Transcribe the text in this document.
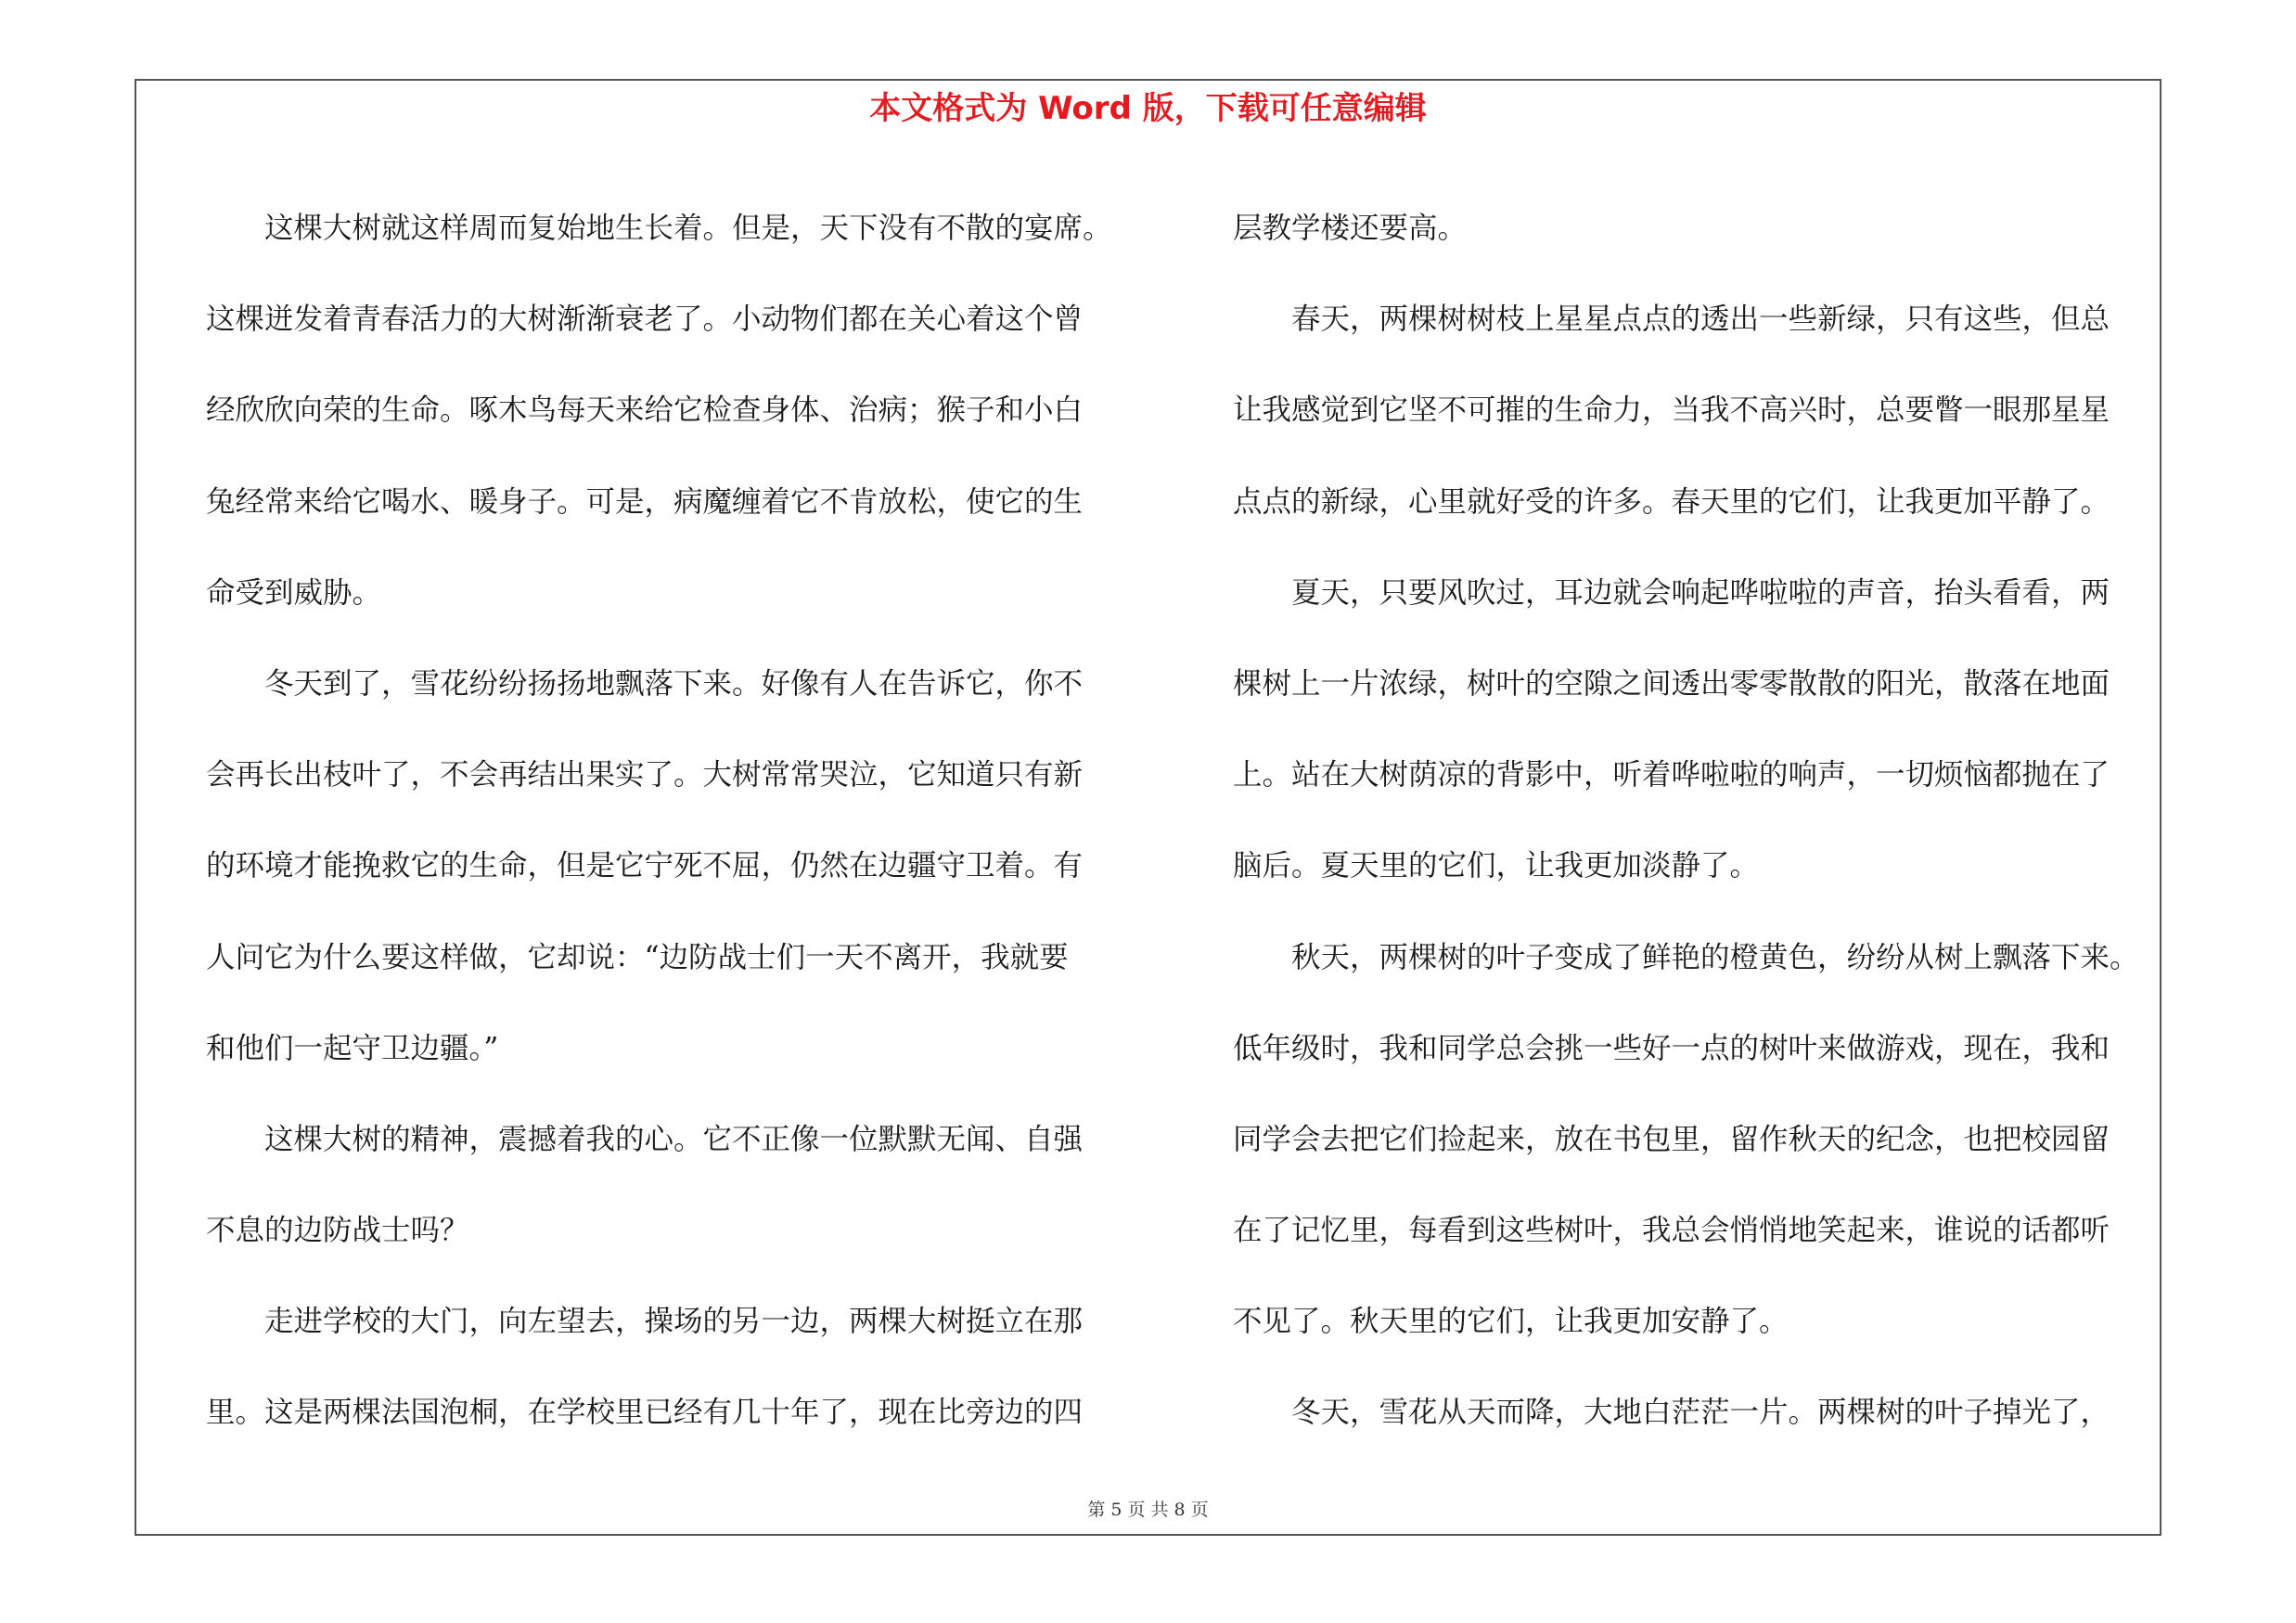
本文格式为 Word 版，下载可任意编辑
　　这棵大树就这样周而复始地生长着。但是，天下没有不散的宴席。
这棵迸发着青春活力的大树渐渐衰老了。小动物们都在关心着这个曾
经欣欣向荣的生命。啄木鸟每天来给它检查身体、治病；猴子和小白
兔经常来给它喝水、暖身子。可是，病魔缠着它不肯放松，使它的生
命受到威胁。
　　冬天到了，雪花纷纷扬扬地飘落下来。好像有人在告诉它，你不
会再长出枝叶了，不会再结出果实了。大树常常哭泣，它知道只有新
的环境才能挽救它的生命，但是它宁死不屈，仍然在边疆守卫着。有
人问它为什么要这样做，它却说：“边防战士们一天不离开，我就要
和他们一起守卫边疆。”
　　这棵大树的精神，震撼着我的心。它不正像一位默默无闻、自强
不息的边防战士吗？
　　走进学校的大门，向左望去，操场的另一边，两棵大树挺立在那
里。这是两棵法国泡桐，在学校里已经有几十年了，现在比旁边的四
层教学楼还要高。
　　春天，两棵树树枝上星星点点的透出一些新绿，只有这些，但总
让我感觉到它坚不可摧的生命力，当我不高兴时，总要瞥一眼那星星
点点的新绿，心里就好受的许多。春天里的它们，让我更加平静了。
　　夏天，只要风吹过，耳边就会响起哗啦啦的声音，抬头看看，两
棵树上一片浓绿，树叶的空隙之间透出零零散散的阳光，散落在地面
上。站在大树荫凉的背影中，听着哗啦啦的响声，一切烦恼都抛在了
脑后。夏天里的它们，让我更加淡静了。
　　秋天，两棵树的叶子变成了鲜艳的橙黄色，纷纷从树上飘落下来。
低年级时，我和同学总会挑一些好一点的树叶来做游戏，现在，我和
同学会去把它们捡起来，放在书包里，留作秋天的纪念，也把校园留
在了记忆里，每看到这些树叶，我总会悄悄地笑起来，谁说的话都听
不见了。秋天里的它们，让我更加安静了。
　　冬天，雪花从天而降，大地白茫茫一片。两棵树的叶子掉光了，
第 5 页 共 8 页
